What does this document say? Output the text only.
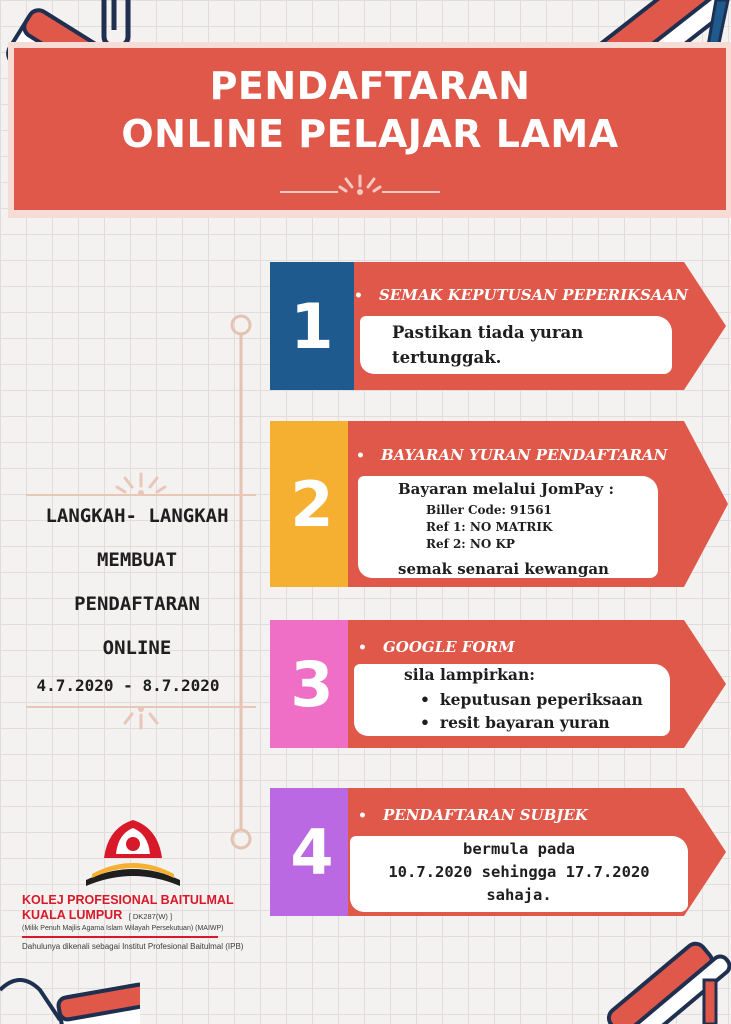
PENDAFTARAN
ONLINE PELAJAR LAMA
LANGKAH- LANGKAH
MEMBUAT
PENDAFTARAN
ONLINE
4.7.2020 - 8.7.2020
1	• SEMAK KEPUTUSAN PEPERIKSAAN
Pastikan tiada yuran
tertunggak.
2
• BAYARAN YURAN PENDAFTARAN
Bayaran melalui JomPay :
Biller Code: 91561
Ref 1: NO MATRIK
Ref 2: NO KP
semak senarai kewangan
3	• GOOGLE FORM
sila lampirkan:
• keputusan peperiksaan
• resit bayaran yuran
4	• PENDAFTARAN SUBJEK
bermula pada
10.7.2020 sehingga 17.7.2020
sahaja.
KOLEJ PROFESIONAL BAITULMAL
KUALA LUMPUR [ DK287(W) ]
(Milik Penuh Majlis Agama Islam Wilayah Persekutuan) (MAIWP)
Dahulunya dikenali sebagai Institut Profesional Baitulmal (IPB)
